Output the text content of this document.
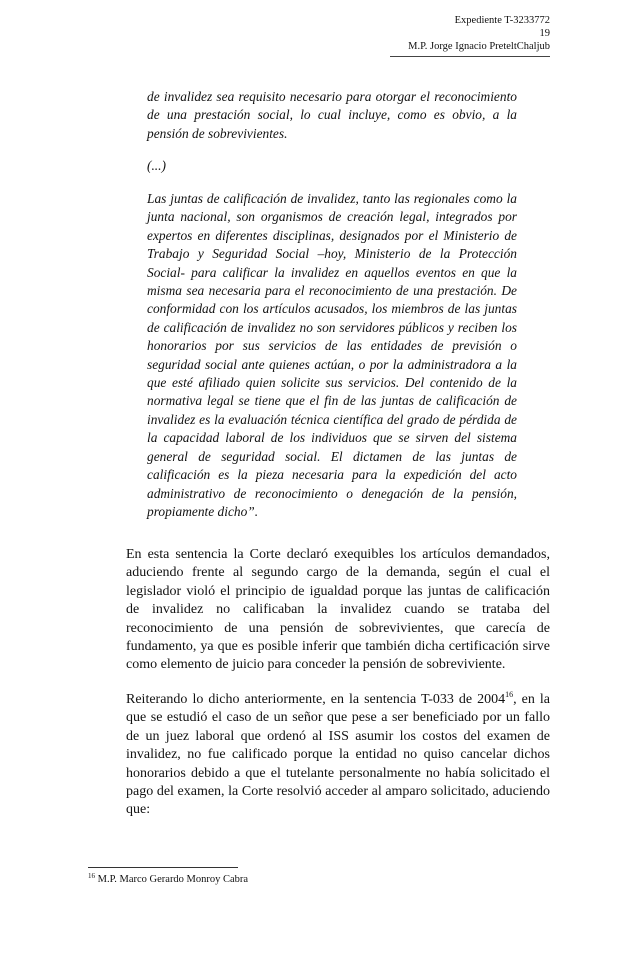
Expediente T-3233772
19
M.P. Jorge Ignacio PreteltChaljub

de invalidez sea requisito necesario para otorgar el reconocimiento de una prestación social, lo cual incluye, como es obvio, a la pensión de sobrevivientes.

(...)

Las juntas de calificación de invalidez, tanto las regionales como la junta nacional, son organismos de creación legal, integrados por expertos en diferentes disciplinas, designados por el Ministerio de Trabajo y Seguridad Social –hoy, Ministerio de la Protección Social- para calificar la invalidez en aquellos eventos en que la misma sea necesaria para el reconocimiento de una prestación. De conformidad con los artículos acusados, los miembros de las juntas de calificación de invalidez no son servidores públicos y reciben los honorarios por sus servicios de las entidades de previsión o seguridad social ante quienes actúan, o por la administradora a la que esté afiliado quien solicite sus servicios. Del contenido de la normativa legal se tiene que el fin de las juntas de calificación de invalidez es la evaluación técnica científica del grado de pérdida de la capacidad laboral de los individuos que se sirven del sistema general de seguridad social. El dictamen de las juntas de calificación es la pieza necesaria para la expedición del acto administrativo de reconocimiento o denegación de la pensión, propiamente dicho”.

En esta sentencia la Corte declaró exequibles los artículos demandados, aduciendo frente al segundo cargo de la demanda, según el cual el legislador violó el principio de igualdad porque las juntas de calificación de invalidez no calificaban la invalidez cuando se trataba del reconocimiento de una pensión de sobrevivientes, que carecía de fundamento, ya que es posible inferir que también dicha certificación sirve como elemento de juicio para conceder la pensión de sobreviviente.

Reiterando lo dicho anteriormente, en la sentencia T-033 de 2004$^{16}$, en la que se estudió el caso de un señor que pese a ser beneficiado por un fallo de un juez laboral que ordenó al ISS asumir los costos del examen de invalidez, no fue calificado porque la entidad no quiso cancelar dichos honorarios debido a que el tutelante personalmente no había solicitado el pago del examen, la Corte resolvió acceder al amparo solicitado, aduciendo que:

$^{16}$ M.P. Marco Gerardo Monroy Cabra
